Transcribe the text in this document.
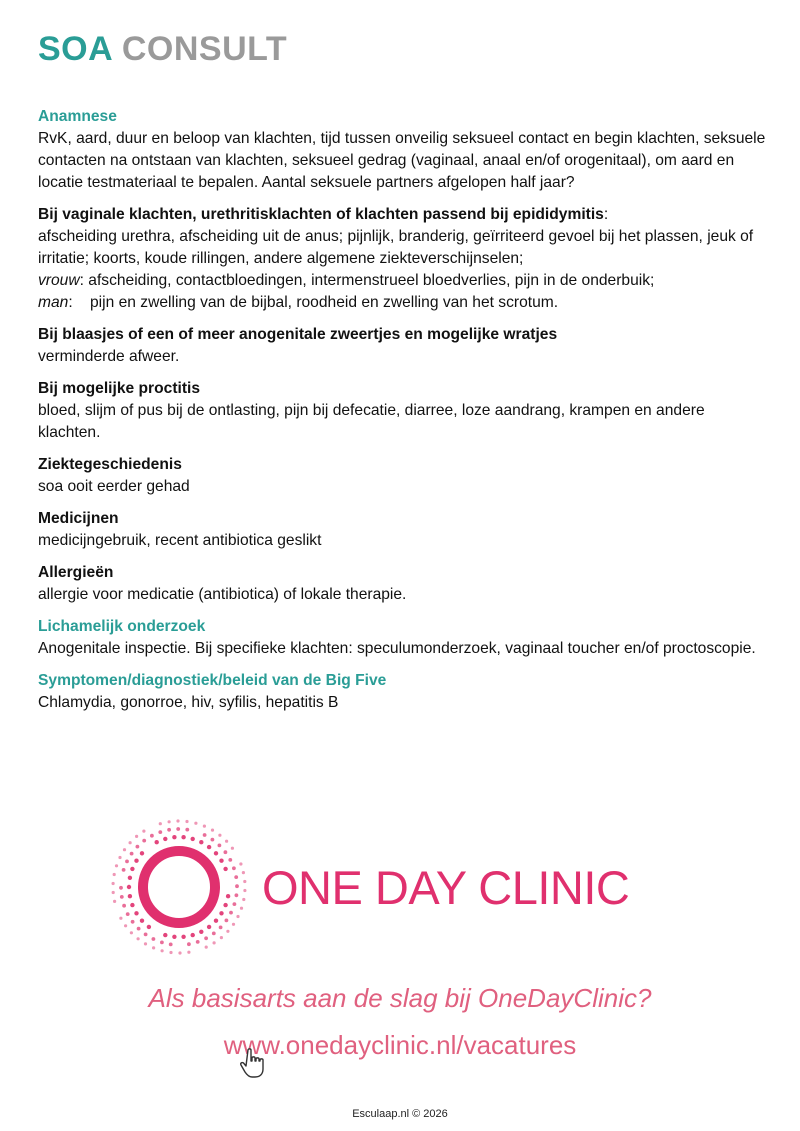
SOA CONSULT
Anamnese
RvK, aard, duur en beloop van klachten, tijd tussen onveilig seksueel contact en begin klachten, seksuele contacten na ontstaan van klachten, seksueel gedrag (vaginaal, anaal en/of orogenitaal), om aard en locatie testmateriaal te bepalen. Aantal seksuele partners afgelopen half jaar?
Bij vaginale klachten, urethritisklachten of klachten passend bij epididymitis:
afscheiding urethra, afscheiding uit de anus; pijnlijk, branderig, geïrriteerd gevoel bij het plassen, jeuk of irritatie; koorts, koude rillingen, andere algemene ziekteverschijnselen;
vrouw: afscheiding, contactbloedingen, intermenstrueel bloedverlies, pijn in de onderbuik;
man:    pijn en zwelling van de bijbal, roodheid en zwelling van het scrotum.
Bij blaasjes of een of meer anogenitale zweertjes en mogelijke wratjes
verminderde afweer.
Bij mogelijke proctitis
bloed, slijm of pus bij de ontlasting, pijn bij defecatie, diarree, loze aandrang, krampen en andere klachten.
Ziektegeschiedenis
soa ooit eerder gehad
Medicijnen
medicijngebruik, recent antibiotica geslikt
Allergieën
allergie voor medicatie (antibiotica) of lokale therapie.
Lichamelijk onderzoek
Anogenitale inspectie. Bij specifieke klachten: speculumonderzoek, vaginaal toucher en/of proctoscopie.
Symptomen/diagnostiek/beleid van de Big Five
Chlamydia, gonorroe, hiv, syfilis, hepatitis B
ONE DAY CLINIC
Als basisarts aan de slag bij OneDayClinic?
www.onedayclinic.nl/vacatures
Esculaap.nl © 2026
